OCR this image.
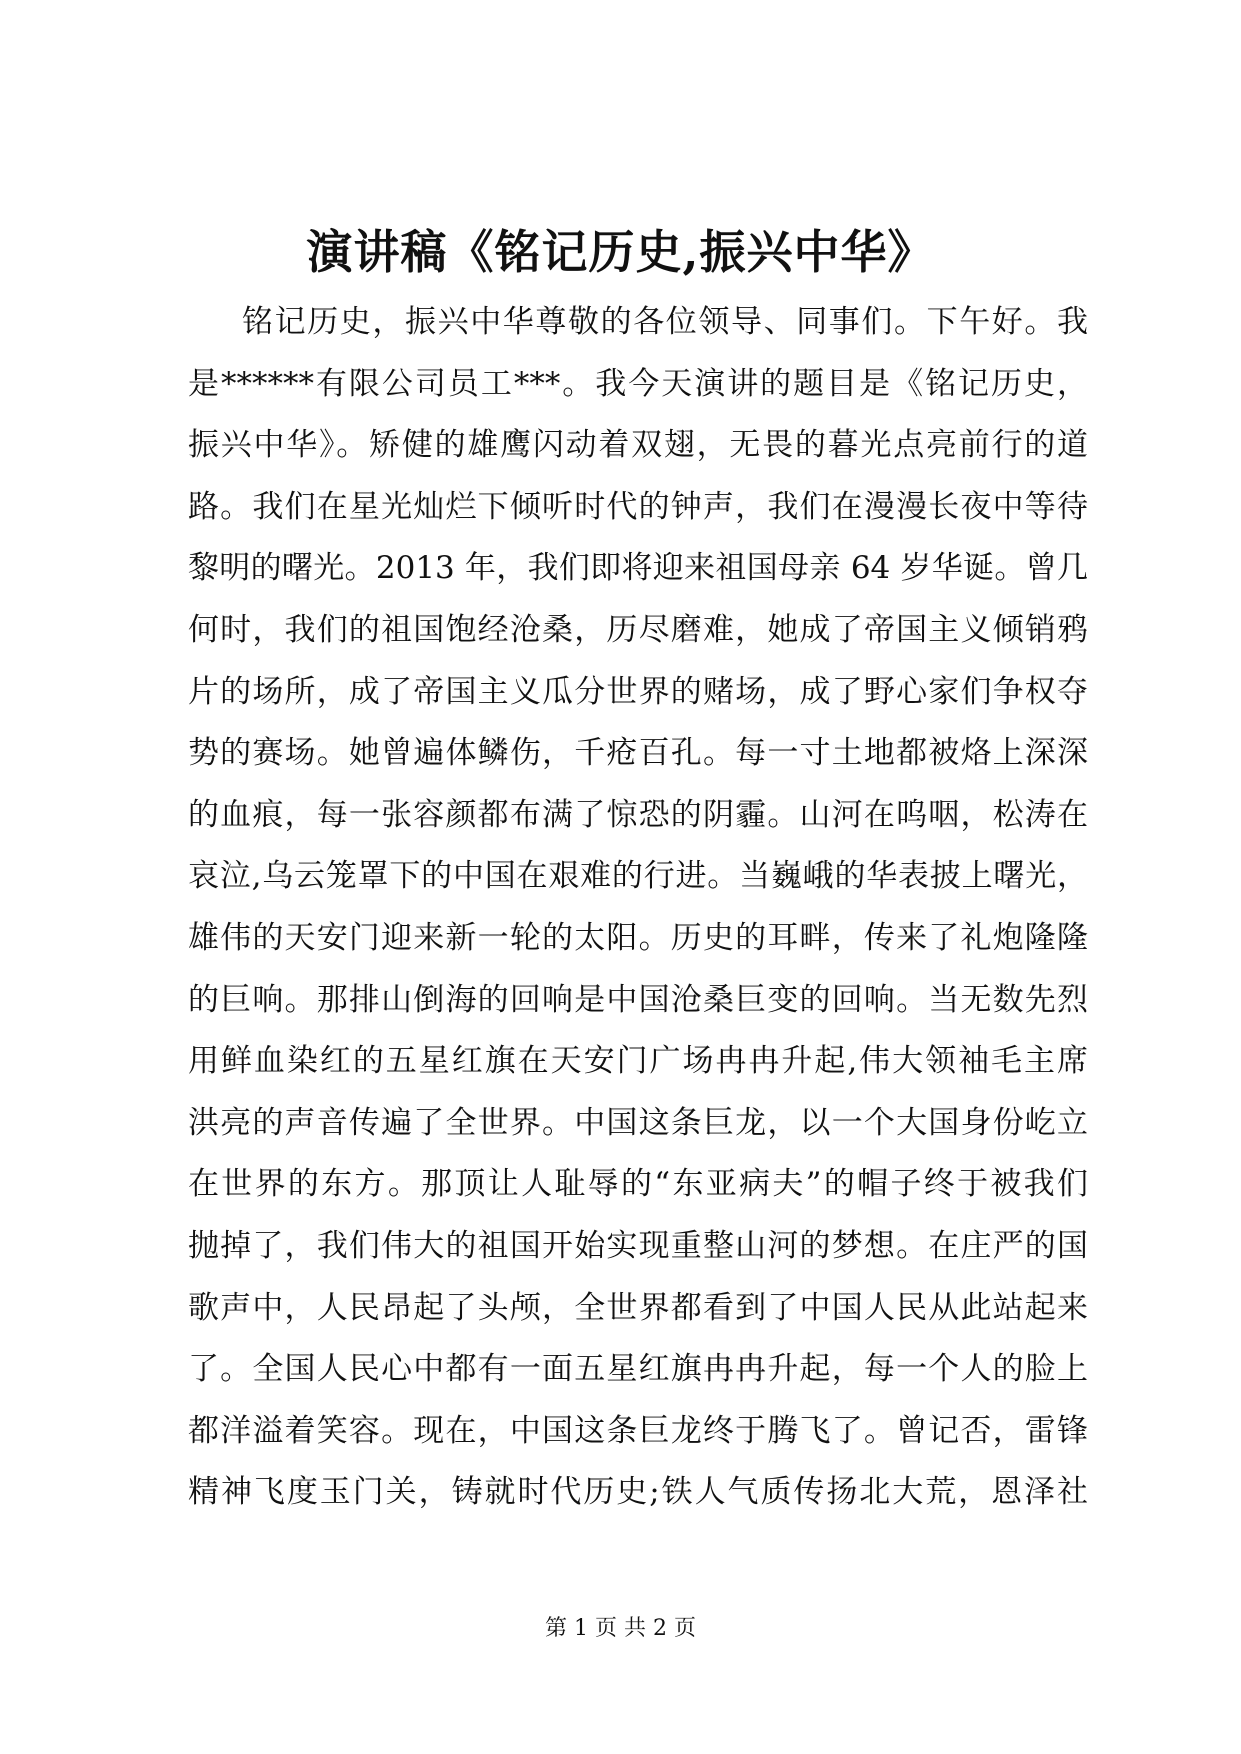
演讲稿《铭记历史,振兴中华》
铭记历史，振兴中华尊敬的各位领导、同事们。下午好。我
是******有限公司员工***。我今天演讲的题目是《铭记历史，
振兴中华》。矫健的雄鹰闪动着双翅，无畏的暮光点亮前行的道
路。我们在星光灿烂下倾听时代的钟声，我们在漫漫长夜中等待
黎明的曙光。2013 年，我们即将迎来祖国母亲 64 岁华诞。曾几
何时，我们的祖国饱经沧桑，历尽磨难，她成了帝国主义倾销鸦
片的场所，成了帝国主义瓜分世界的赌场，成了野心家们争权夺
势的赛场。她曾遍体鳞伤，千疮百孔。每一寸土地都被烙上深深
的血痕，每一张容颜都布满了惊恐的阴霾。山河在呜咽，松涛在
哀泣,乌云笼罩下的中国在艰难的行进。当巍峨的华表披上曙光，
雄伟的天安门迎来新一轮的太阳。历史的耳畔，传来了礼炮隆隆
的巨响。那排山倒海的回响是中国沧桑巨变的回响。当无数先烈
用鲜血染红的五星红旗在天安门广场冉冉升起,伟大领袖毛主席
洪亮的声音传遍了全世界。中国这条巨龙，以一个大国身份屹立
在世界的东方。那顶让人耻辱的“东亚病夫”的帽子终于被我们
抛掉了，我们伟大的祖国开始实现重整山河的梦想。在庄严的国
歌声中，人民昂起了头颅，全世界都看到了中国人民从此站起来
了。全国人民心中都有一面五星红旗冉冉升起，每一个人的脸上
都洋溢着笑容。现在，中国这条巨龙终于腾飞了。曾记否，雷锋
精神飞度玉门关，铸就时代历史;铁人气质传扬北大荒，恩泽社
第 1 页 共 2 页
